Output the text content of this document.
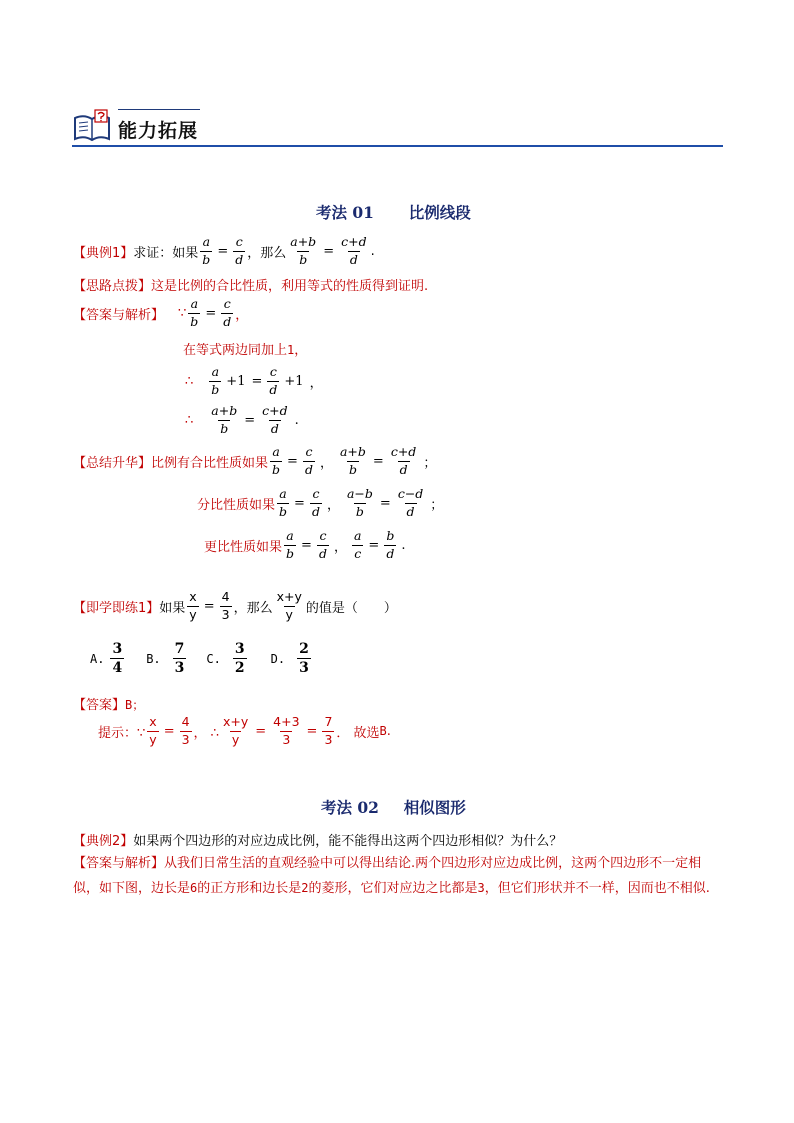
能力拓展
考法 01 比例线段
【典例1】 求证：如果 $\frac{a}{b} = \frac{c}{d}$ ，那么 $\frac{a+b}{b} = \frac{c+d}{d}$ .
【思路点拨】这是比例的合比性质，利用等式的性质得到证明.
【答案与解析】 ∵ $\frac{a}{b} = \frac{c}{d}$ ，
在等式两边同加上1，
∴ $\frac{a}{b} +1 = \frac{c}{d} +1$ ，
∴ $\frac{a+b}{b} = \frac{c+d}{d}$ .
【总结升华】 比例有合比性质如果 $\frac{a}{b} = \frac{c}{d}$ ， $\frac{a+b}{b} = \frac{c+d}{d}$ ；
分比性质如果 $\frac{a}{b} = \frac{c}{d}$ ， $\frac{a-b}{b} = \frac{c-d}{d}$ ；
更比性质如果 $\frac{a}{b} = \frac{c}{d}$ ， $\frac{a}{c} = \frac{b}{d}$ .
【即学即练1】 如果 $\frac{x}{y} = \frac{4}{3}$ ，那么 $\frac{x+y}{y}$ 的值是（　　）
A. $\frac{3}{4} B$. $\frac{7}{3} C$. $\frac{3}{2} D$. $\frac{2}{3}$
【答案】B；
提示：∵ $\frac{x}{y} = \frac{4}{3}$ ， ∴ $\frac{x+y}{y} = \frac{4+3}{3} = \frac{7}{3}$ ． 故选 B .
考法 02 相似图形
【典例2】如果两个四边形的对应边成比例，能不能得出这两个四边形相似？为什么？
【答案与解析】从我们日常生活的直观经验中可以得出结论.两个四边形对应边成比例，这两个四边形不一定相似，如下图，边长是6的正方形和边长是2的菱形，它们对应边之比都是3，但它们形状并不一样，因而也不相似.
